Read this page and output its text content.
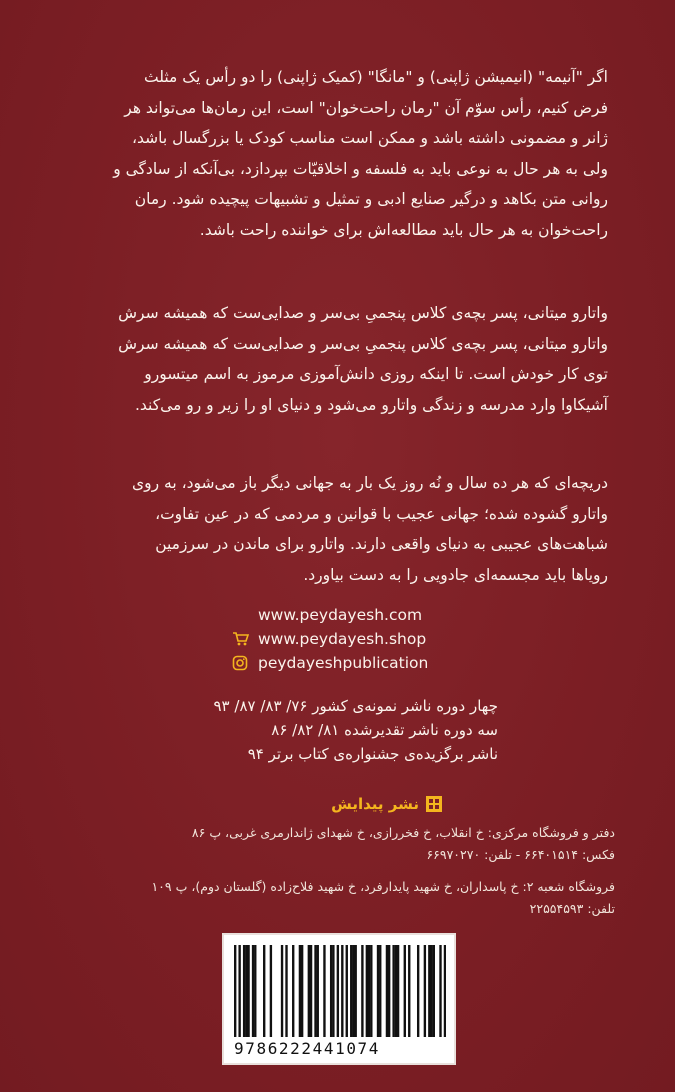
اگر "آنیمه" (انیمیشن ژاپنی) و "مانگا" (کمیک ژاپنی) را دو رأس یک مثلث
فرض کنیم، رأس سوّم آن "رمان راحت‌خوان" است، این رمان‌ها می‌تواند هر
ژانر و مضمونی داشته باشد و ممکن است مناسب کودک یا بزرگسال باشد،
ولی به هر حال به نوعی باید به فلسفه و اخلاقیّات بپردازد، بی‌آنکه از سادگی و
روانی متن بکاهد و درگیر صنایع ادبی و تمثیل و تشبیهات پیچیده شود. رمان
راحت‌خوان به هر حال باید مطالعه‌اش برای خواننده راحت باشد.
واتارو میتانی، پسر بچه‌ی کلاس پنجمیِ بی‌سر و صدایی‌ست که همیشه سرش
واتارو میتانی، پسر بچه‌ی کلاس پنجمیِ بی‌سر و صدایی‌ست که همیشه سرش
توی کار خودش است. تا اینکه روزی دانش‌آموزی مرموز به اسم میتسورو
آشیکاوا وارد مدرسه و زندگی واتارو می‌شود و دنیای او را زیر و رو می‌کند.
دریچه‌ای که هر ده سال و نُه روز یک بار به جهانی دیگر باز می‌شود، به روی
واتارو گشوده شده؛ جهانی عجیب با قوانین و مردمی که در عین تفاوت،
شباهت‌های عجیبی به دنیای واقعی دارند. واتارو برای ماندن در سرزمین
رویاها باید مجسمه‌ای جادویی را به دست بیاورد.
www.peydayesh.com
www.peydayesh.shop
peydayeshpublication
چهار دوره ناشر نمونه‌ی کشور ۷۶/ ۸۳/ ۸۷/ ۹۳
سه دوره ناشر تقدیرشده ۸۱/ ۸۲/ ۸۶
ناشر برگزیده‌ی جشنواره‌ی کتاب برتر ۹۴
نشر پیدایش
دفتر و فروشگاه مرکزی: خ انقلاب، خ فخررازی، خ شهدای ژاندارمری غربی، پ ۸۶
فکس: ۶۶۴۰۱۵۱۴ - تلفن: ۶۶۹۷۰۲۷۰
فروشگاه شعبه ۲: خ پاسداران، خ شهید پایدارفرد، خ شهید فلاح‌زاده (گلستان دوم)، پ ۱۰۹
تلفن: ۲۲۵۵۴۵۹۳
9786222441074
